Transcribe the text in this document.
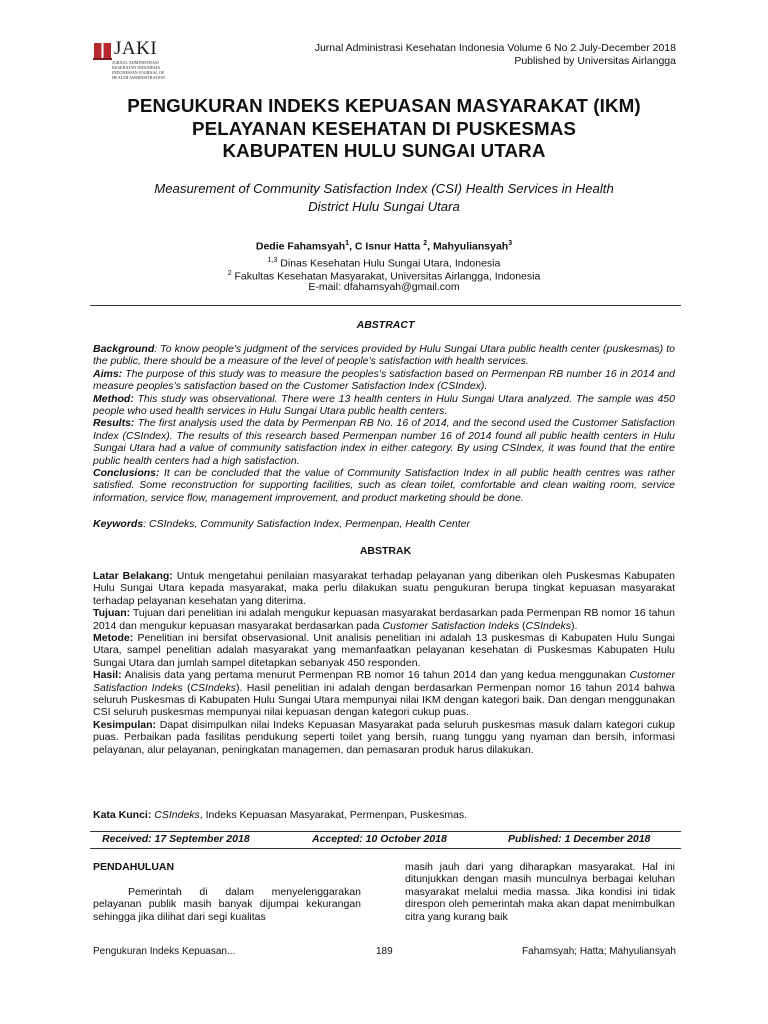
JAKI
JURNAL ADMINISTRASI
KESEHATAN INDONESIA
INDONESIAN JOURNAL OF
HEALTH ADMINISTRATION
Jurnal Administrasi Kesehatan Indonesia Volume 6 No 2 July-December 2018
Published by Universitas Airlangga
PENGUKURAN INDEKS KEPUASAN MASYARAKAT (IKM)
PELAYANAN KESEHATAN DI PUSKESMAS
KABUPATEN HULU SUNGAI UTARA
Measurement of Community Satisfaction Index (CSI) Health Services in Health
District Hulu Sungai Utara
Dedie Fahamsyah$^1$, C Isnur Hatta $^2$, Mahyuliansyah$^3$
$^{1,3}$ Dinas Kesehatan Hulu Sungai Utara, Indonesia
$^2$ Fakultas Kesehatan Masyarakat, Universitas Airlangga, Indonesia
E-mail: dfahamsyah@gmail.com
ABSTRACT
Background: To know people's judgment of the services provided by Hulu Sungai Utara public health center (puskesmas) to the public, there should be a measure of the level of people’s satisfaction with health services.
Aims: The purpose of this study was to measure the peoples’s satisfaction based on Permenpan RB number 16 in 2014 and measure peoples’s satisfaction based on the Customer Satisfaction Index (CSIndex).
Method: This study was observational. There were 13 health centers in Hulu Sungai Utara analyzed. The sample was 450 people who used health services in Hulu Sungai Utara public health centers.
Results: The first analysis used the data by Permenpan RB No. 16 of 2014, and the second used the Customer Satisfaction Index (CSIndex). The results of this research based Permenpan number 16 of 2014 found all public health centers in Hulu Sungai Utara had a value of community satisfaction index in either category. By using CSIndex, it was found that the entire public health centers had a high satisfaction.
Conclusions: It can be concluded that the value of Community Satisfaction Index in all public health centres was rather satisfied. Some reconstruction for supporting facilities, such as clean toilet, comfortable and clean waiting room, service information, service flow, management improvement, and product marketing should be done.
Keywords: CSIndeks, Community Satisfaction Index, Permenpan, Health Center
ABSTRAK
Latar Belakang: Untuk mengetahui penilaian masyarakat terhadap pelayanan yang diberikan oleh Puskesmas Kabupaten Hulu Sungai Utara kepada masyarakat, maka perlu dilakukan suatu pengukuran berupa tingkat kepuasan masyarakat terhadap pelayanan kesehatan yang diterima.
Tujuan: Tujuan dari penelitian ini adalah mengukur kepuasan masyarakat berdasarkan pada Permenpan RB nomor 16 tahun 2014 dan mengukur kepuasan masyarakat berdasarkan pada Customer Satisfaction Indeks (CSIndeks).
Metode: Penelitian ini bersifat observasional. Unit analisis penelitian ini adalah 13 puskesmas di Kabupaten Hulu Sungai Utara, sampel penelitian adalah masyarakat yang memanfaatkan pelayanan kesehatan di Puskesmas Kabupaten Hulu Sungai Utara dan jumlah sampel ditetapkan sebanyak 450 responden.
Hasil: Analisis data yang pertama menurut Permenpan RB nomor 16 tahun 2014 dan yang kedua menggunakan Customer Satisfaction Indeks (CSIndeks). Hasil penelitian ini adalah dengan berdasarkan Permenpan nomor 16 tahun 2014 bahwa seluruh Puskesmas di Kabupaten Hulu Sungai Utara mempunyai nilai IKM dengan kategori baik. Dan dengan menggunakan CSI seluruh puskesmas mempunyai nilai kepuasan dengan kategori cukup puas.
Kesimpulan: Dapat disimpulkan nilai Indeks Kepuasan Masyarakat pada seluruh puskesmas masuk dalam kategori cukup puas. Perbaikan pada fasilitas pendukung seperti toilet yang bersih, ruang tunggu yang nyaman dan bersih, informasi pelayanan, alur pelayanan, peningkatan managemen, dan pemasaran produk harus dilakukan.
Kata Kunci: CSIndeks, Indeks Kepuasan Masyarakat, Permenpan, Puskesmas.
Received: 17 September 2018	Accepted: 10 October 2018	Published: 1 December 2018
PENDAHULUAN
Pemerintah di dalam menyelenggarakan pelayanan publik masih banyak dijumpai kekurangan sehingga jika dilihat dari segi kualitas
masih jauh dari yang diharapkan masyarakat. Hal ini ditunjukkan dengan masih munculnya berbagai keluhan masyarakat melalui media massa. Jika kondisi ini tidak direspon oleh pemerintah maka akan dapat menimbulkan citra yang kurang baik
Pengukuran Indeks Kepuasan...	189	Fahamsyah; Hatta; Mahyuliansyah
